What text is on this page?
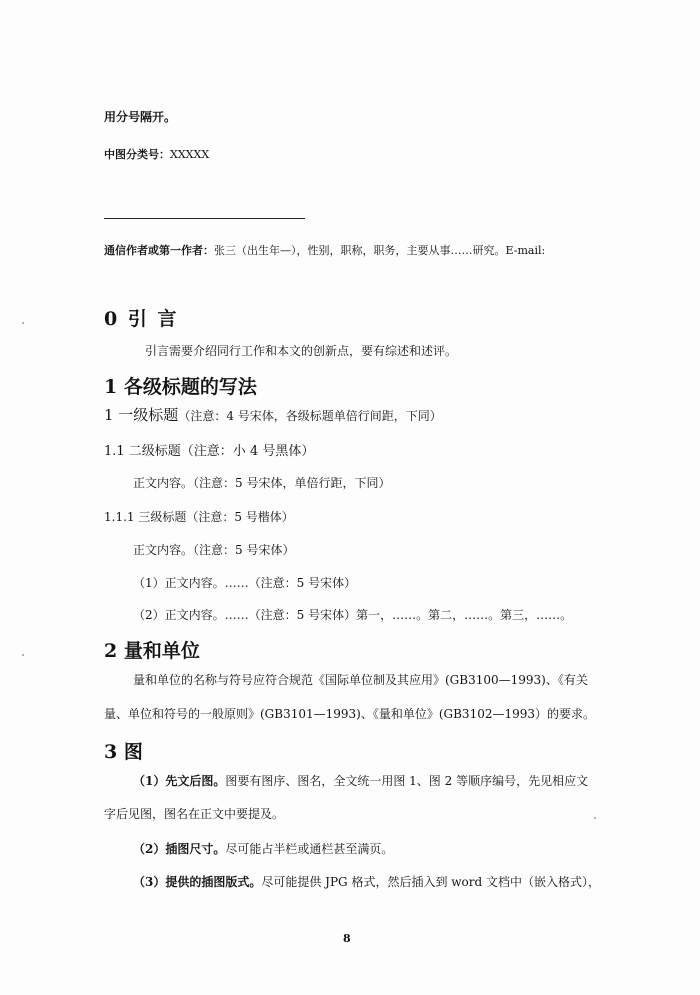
用分号隔开。
中图分类号：XXXXX
通信作者或第一作者：张三（出生年—），性别，职称，职务，主要从事……研究。E-mail:
0 引 言
引言需要介绍同行工作和本文的创新点，要有综述和述评。
1 各级标题的写法
1 一级标题（注意：4 号宋体，各级标题单倍行间距，下同）
1.1 二级标题（注意：小 4 号黑体）
正文内容。（注意：5 号宋体，单倍行距，下同）
1.1.1 三级标题（注意：5 号楷体）
正文内容。（注意：5 号宋体）
（1）正文内容。……（注意：5 号宋体）
（2）正文内容。……（注意：5 号宋体）第一，……。第二，……。第三，……。
2 量和单位
量和单位的名称与符号应符合规范《国际单位制及其应用》(GB3100—1993)、《有关
量、单位和符号的一般原则》(GB3101—1993)、《量和单位》(GB3102—1993）的要求。
3 图
（1）先文后图。图要有图序、图名，全文统一用图 1、图 2 等顺序编号，先见相应文
字后见图，图名在正文中要提及。
（2）插图尺寸。尽可能占半栏或通栏甚至满页。
（3）提供的插图版式。尽可能提供 JPG 格式，然后插入到 word 文档中（嵌入格式），
8
